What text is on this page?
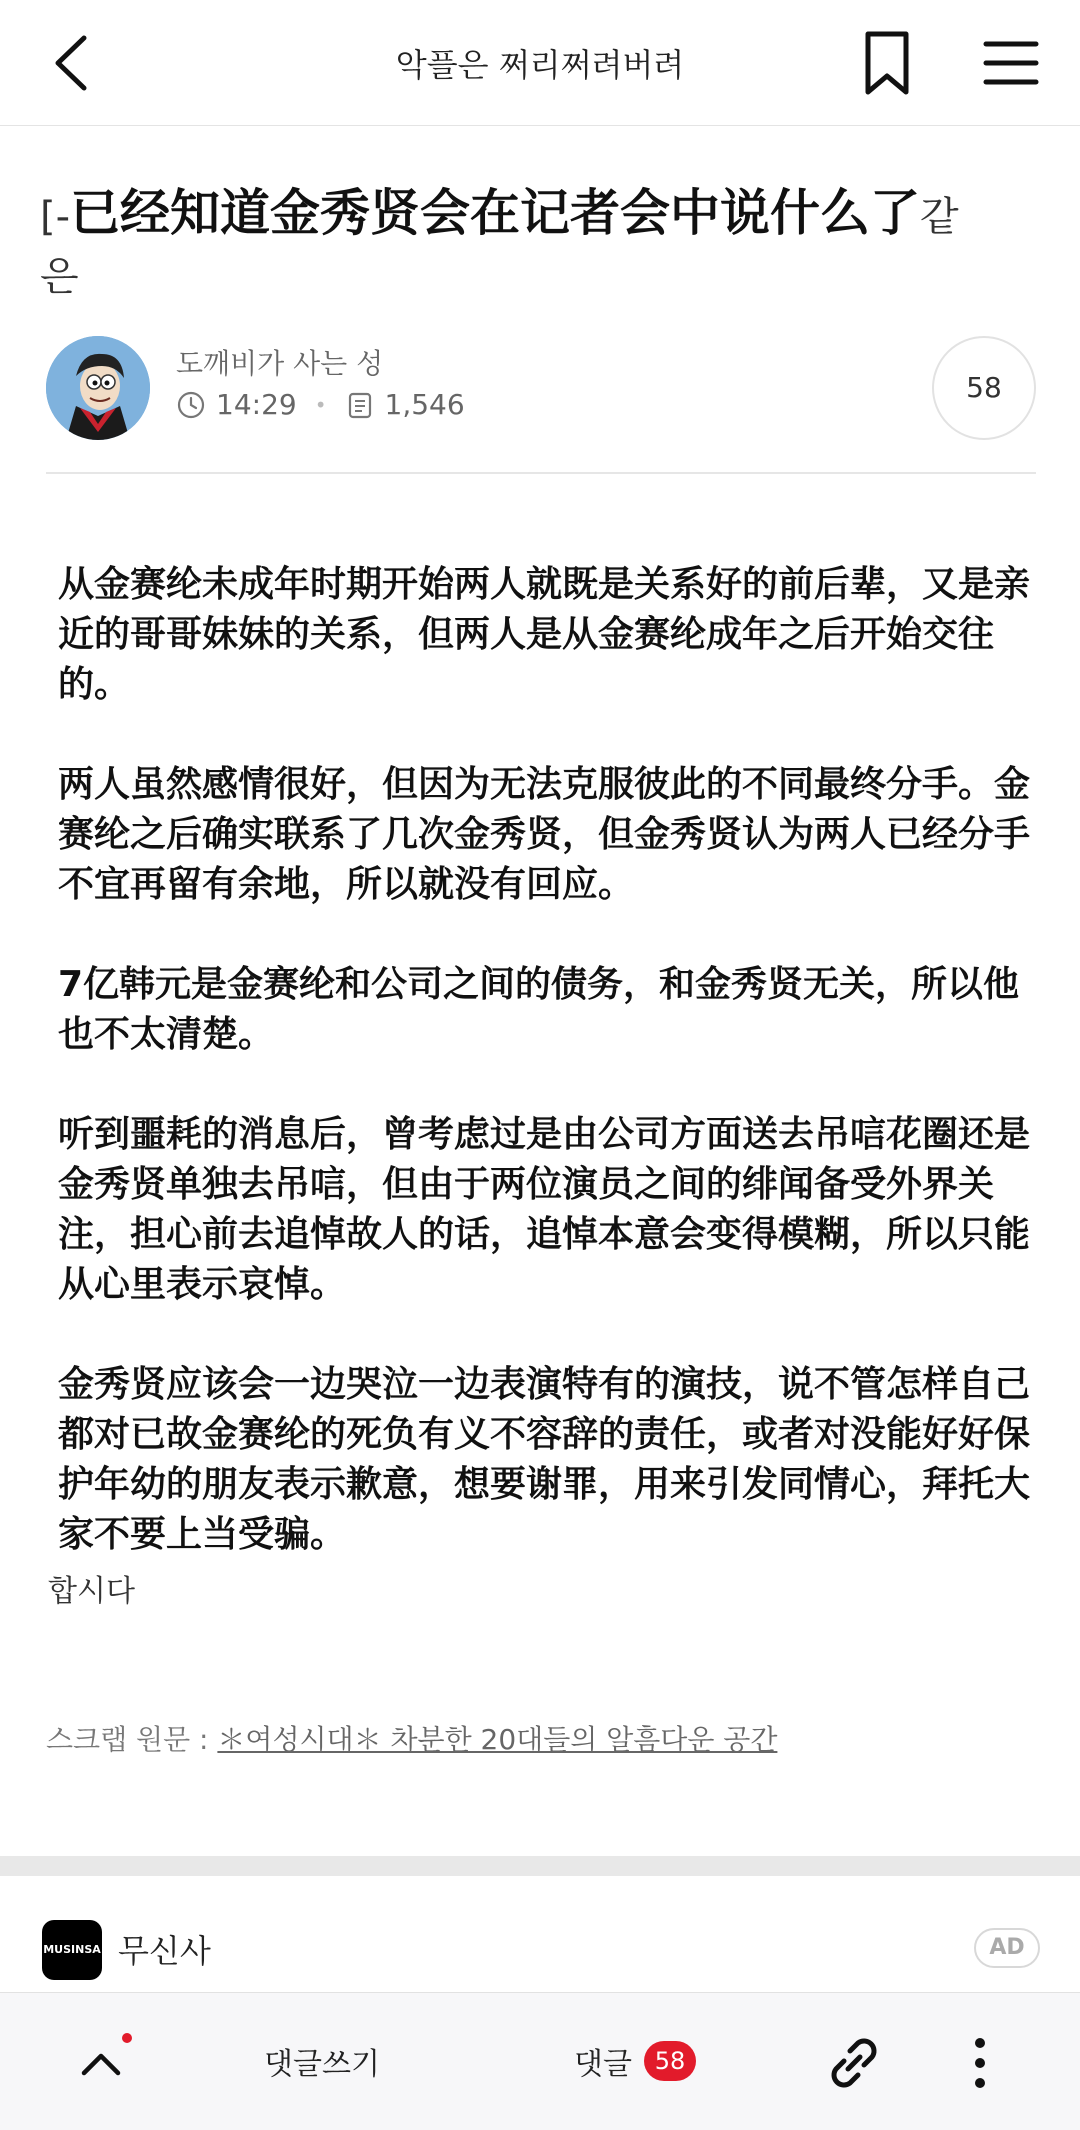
악플은 쩌리쩌려버려
[-已经知道金秀贤会在记者会中说什么了같
은
도깨비가 사는 성
14:29 • 1,546
58

从金赛纶未成年时期开始两人就既是关系好的前后辈，又是亲近的哥哥妹妹的关系，但两人是从金赛纶成年之后开始交往的。

两人虽然感情很好，但因为无法克服彼此的不同最终分手。金赛纶之后确实联系了几次金秀贤，但金秀贤认为两人已经分手不宜再留有余地，所以就没有回应。

7亿韩元是金赛纶和公司之间的债务，和金秀贤无关，所以他也不太清楚。

听到噩耗的消息后，曾考虑过是由公司方面送去吊唁花圈还是金秀贤单独去吊唁，但由于两位演员之间的绯闻备受外界关注，担心前去追悼故人的话，追悼本意会变得模糊，所以只能从心里表示哀悼。

金秀贤应该会一边哭泣一边表演特有的演技，说不管怎样自己都对已故金赛纶的死负有义不容辞的责任，或者对没能好好保护年幼的朋友表示歉意，想要谢罪，用来引发同情心，拜托大家不要上当受骗。

합시다

스크랩 원문 : ＊여성시대＊ 차분한 20대들의 알흠다운 공간
MUSINSA 무신사	AD
댓글쓰기	댓글 58
